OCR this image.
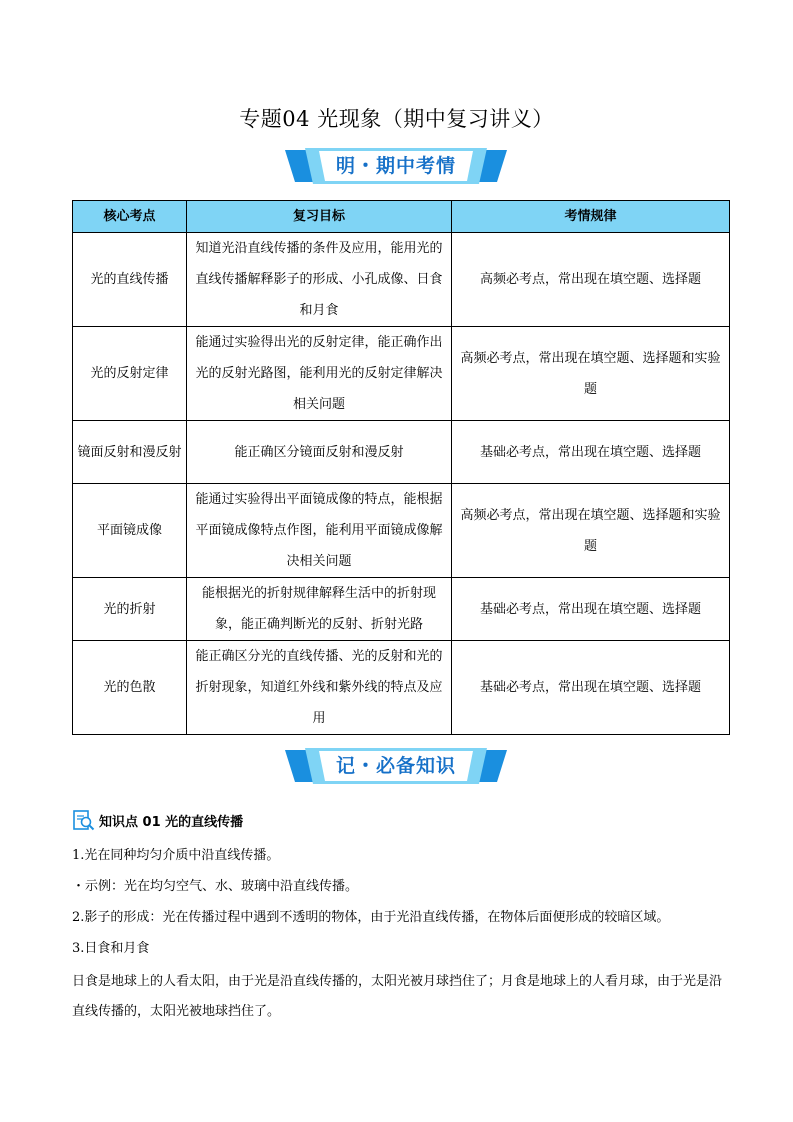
专题04 光现象（期中复习讲义）
明・期中考情
核心考点	复习目标	考情规律
光的直线传播	知道光沿直线传播的条件及应用，能用光的直线传播解释影子的形成、小孔成像、日食和月食	高频必考点，常出现在填空题、选择题
光的反射定律	能通过实验得出光的反射定律，能正确作出光的反射光路图，能利用光的反射定律解决相关问题	高频必考点，常出现在填空题、选择题和实验题
镜面反射和漫反射	能正确区分镜面反射和漫反射	基础必考点，常出现在填空题、选择题
平面镜成像	能通过实验得出平面镜成像的特点，能根据平面镜成像特点作图，能利用平面镜成像解决相关问题	高频必考点，常出现在填空题、选择题和实验题
光的折射	能根据光的折射规律解释生活中的折射现象，能正确判断光的反射、折射光路	基础必考点，常出现在填空题、选择题
光的色散	能正确区分光的直线传播、光的反射和光的折射现象，知道红外线和紫外线的特点及应用	基础必考点，常出现在填空题、选择题
记・必备知识
知识点 01 光的直线传播
1.光在同种均匀介质中沿直线传播。
・示例：光在均匀空气、水、玻璃中沿直线传播。
2.影子的形成：光在传播过程中遇到不透明的物体，由于光沿直线传播，在物体后面便形成的较暗区域。
3.日食和月食
日食是地球上的人看太阳，由于光是沿直线传播的，太阳光被月球挡住了；月食是地球上的人看月球，由于光是沿直线传播的，太阳光被地球挡住了。
